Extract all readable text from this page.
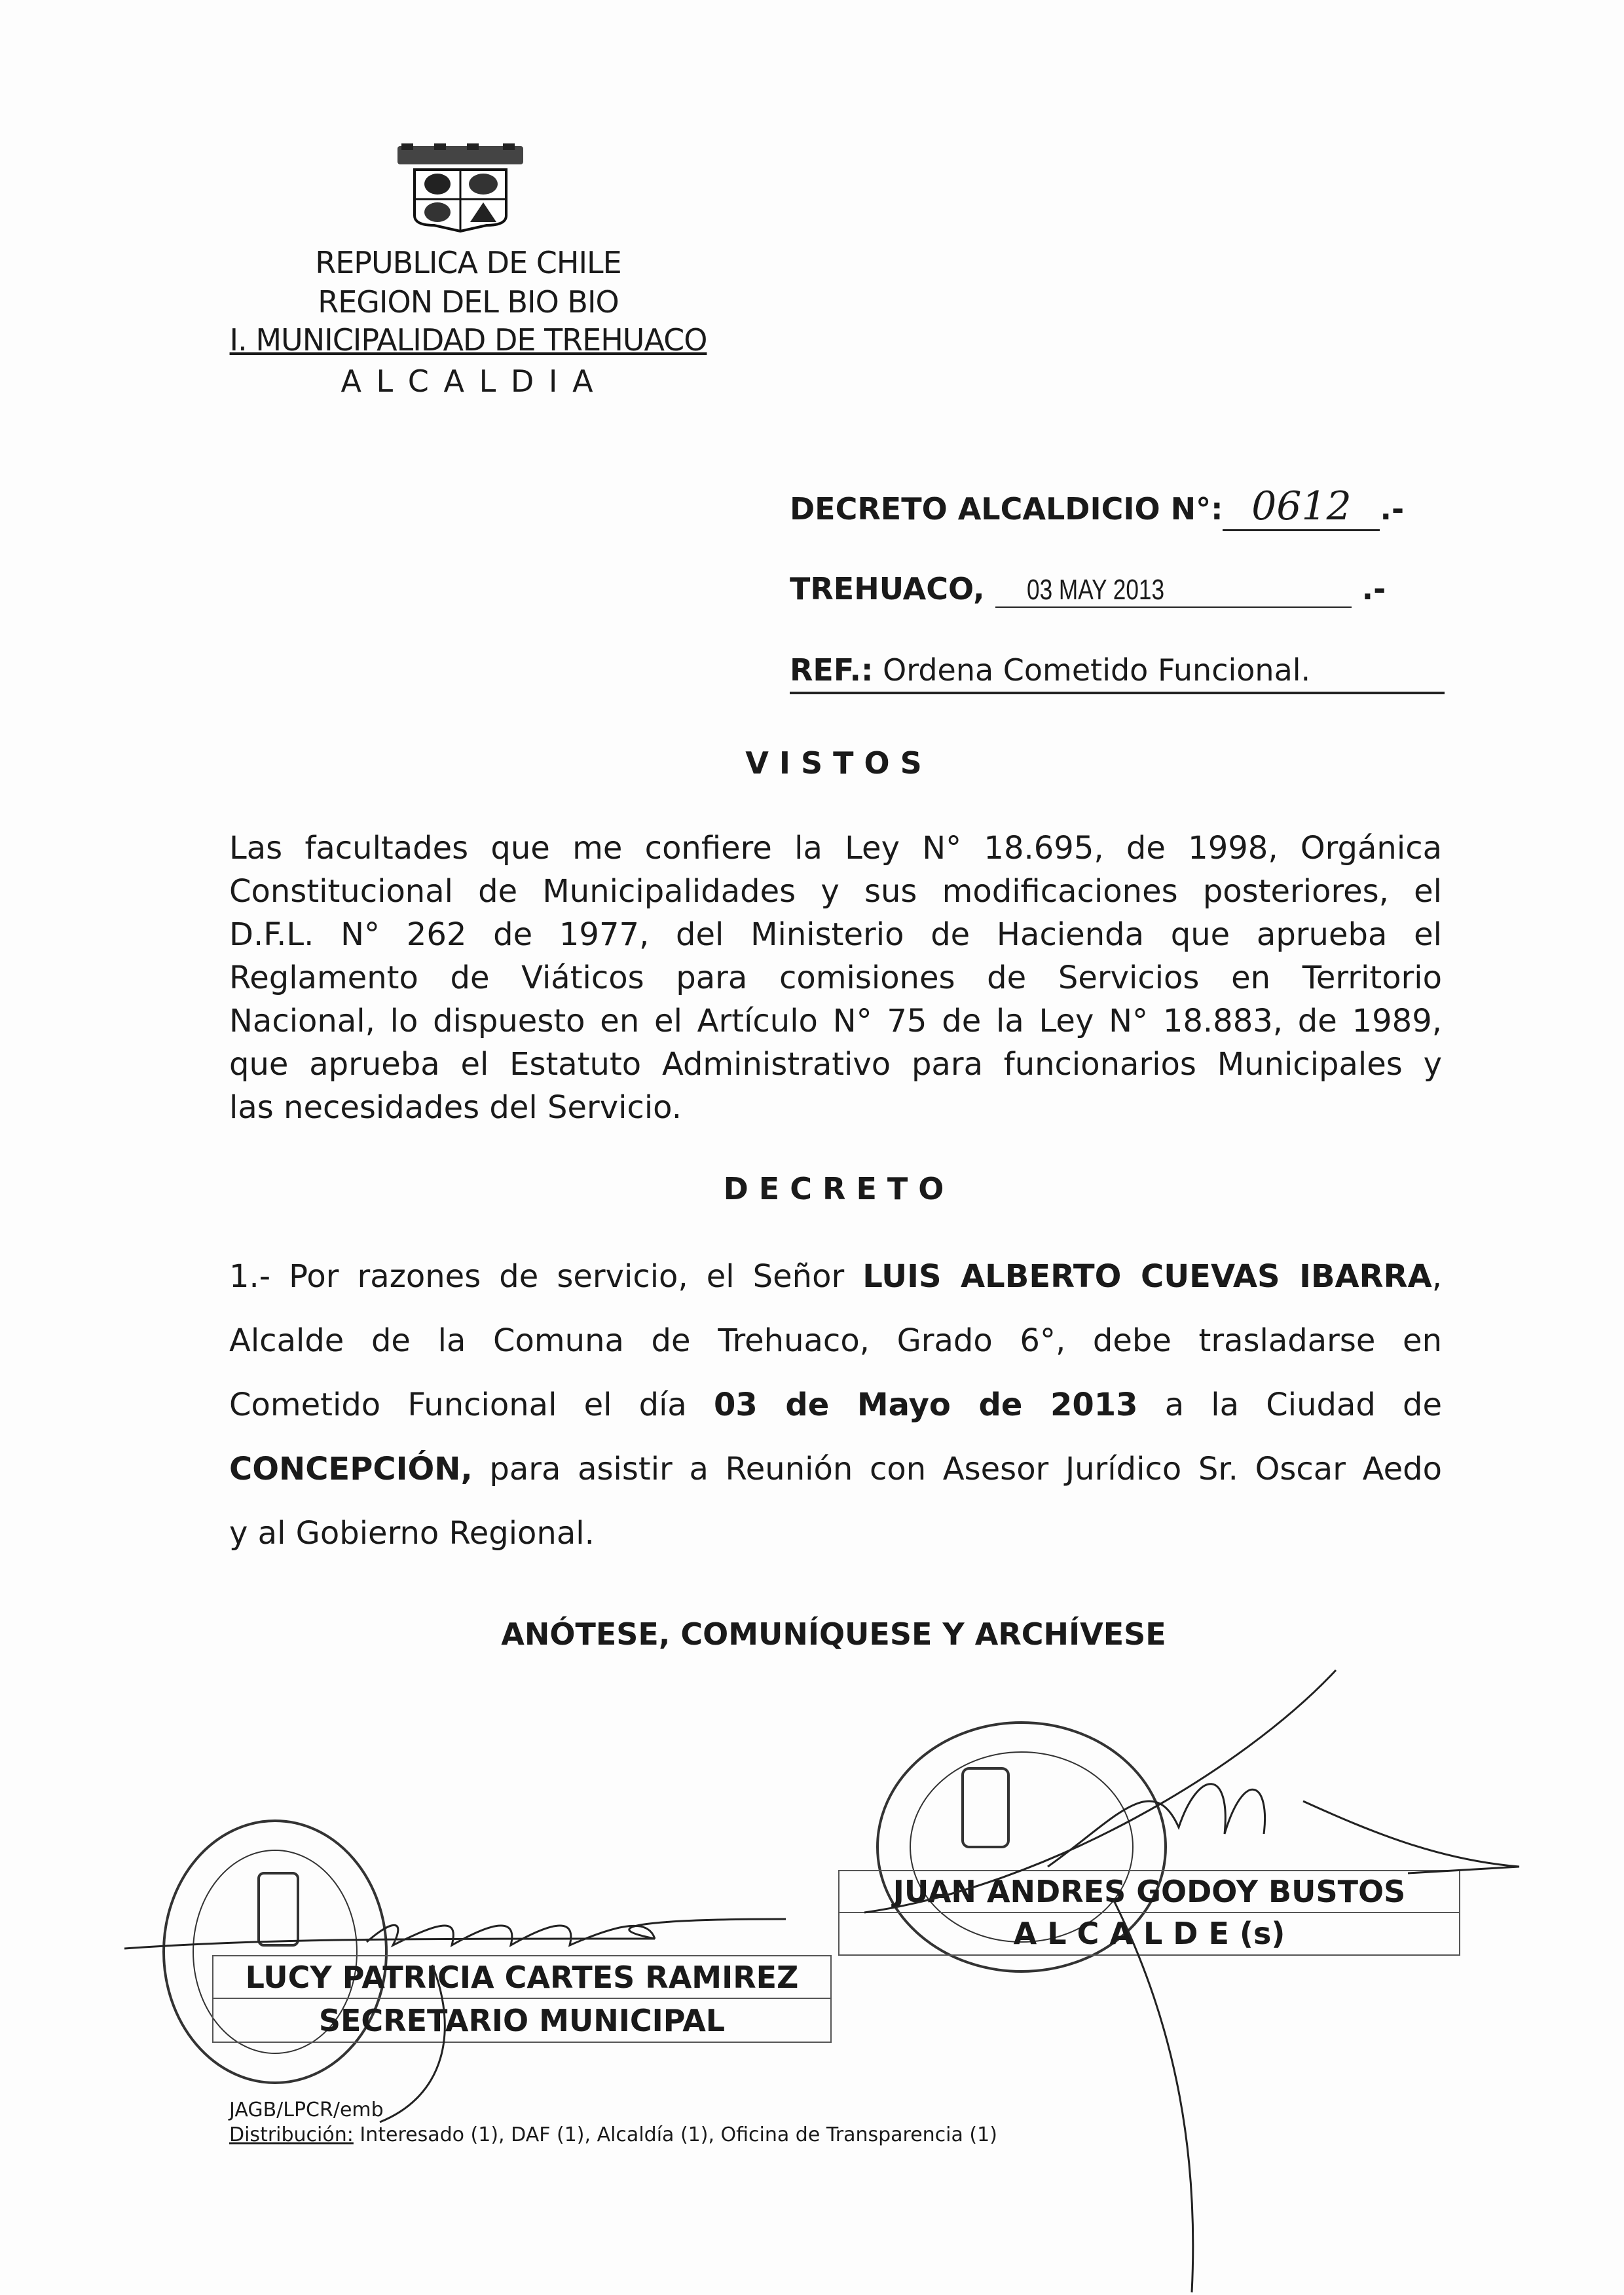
REPUBLICA DE CHILE
REGION DEL BIO BIO
I. MUNICIPALIDAD DE TREHUACO
A L C A L D I A
DECRETO ALCALDICIO N°: 0612 .-
TREHUACO, 03 MAY 2013	.-
REF.: Ordena Cometido Funcional.
V I S T O S
Las facultades que me confiere la Ley N° 18.695, de 1998, Orgánica
Constitucional de Municipalidades y sus modificaciones posteriores, el
D.F.L. N° 262 de 1977, del Ministerio de Hacienda que aprueba el
Reglamento de Viáticos para comisiones de Servicios en Territorio
Nacional, lo dispuesto en el Artículo N° 75 de la Ley N° 18.883, de 1989,
que aprueba el Estatuto Administrativo para funcionarios Municipales y
las necesidades del Servicio.
D E C R E T O
1.- Por razones de servicio, el Señor LUIS ALBERTO CUEVAS IBARRA,
Alcalde de la Comuna de Trehuaco, Grado 6°, debe trasladarse en
Cometido Funcional el día 03 de Mayo de 2013 a la Ciudad de
CONCEPCIÓN, para asistir a Reunión con Asesor Jurídico Sr. Oscar Aedo
y al Gobierno Regional.
ANÓTESE, COMUNÍQUESE Y ARCHÍVESE
JUAN ANDRES GODOY BUSTOS
A L C A L D E (s)
LUCY PATRICIA CARTES RAMIREZ
SECRETARIO MUNICIPAL
JAGB/LPCR/emb
Distribución: Interesado (1), DAF (1), Alcaldía (1), Oficina de Transparencia (1)
